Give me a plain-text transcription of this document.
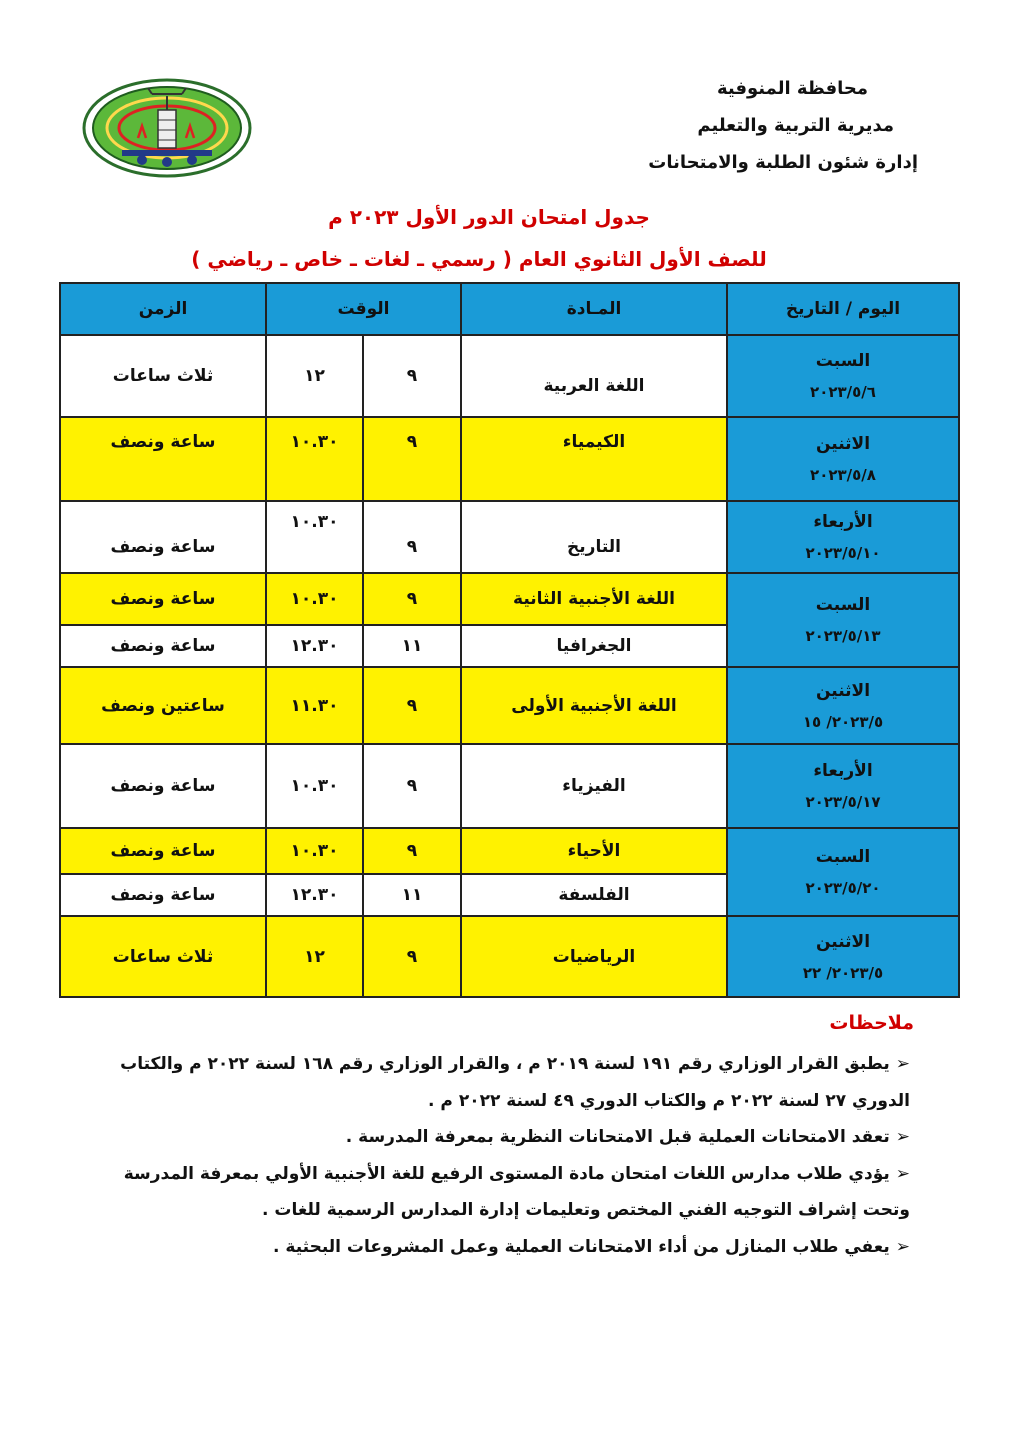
محافظة المنوفية
مديرية التربية والتعليم
إدارة شئون الطلبة والامتحانات
جدول امتحان الدور الأول ٢٠٢٣ م
للصف الأول الثانوي العام ( رسمي ـ لغات ـ خاص ـ رياضي )
اليوم / التاريخ	المـادة	الوقت		الزمن

السبت
٢٠٢٣/٥/٦	اللغة العربية	٩	١٢	ثلاث ساعات

الاثنين
٢٠٢٣/٥/٨	الكيمياء	٩	١٠.٣٠	ساعة ونصف

الأربعاء
٢٠٢٣/٥/١٠	التاريخ	٩	١٠.٣٠	ساعة ونصف

السبت
٢٠٢٣/٥/١٣	اللغة الأجنبية الثانية	٩	١٠.٣٠	ساعة ونصف
	الجغرافيا	١١	١٢.٣٠	ساعة ونصف

الاثنين
٢٠٢٣/٥/ ١٥	اللغة الأجنبية الأولى	٩	١١.٣٠	ساعتين ونصف

الأربعاء
٢٠٢٣/٥/١٧	الفيزياء	٩	١٠.٣٠	ساعة ونصف

السبت
٢٠٢٣/٥/٢٠	الأحياء	٩	١٠.٣٠	ساعة ونصف
	الفلسفة	١١	١٢.٣٠	ساعة ونصف

الاثنين
٢٠٢٣/٥/ ٢٢	الرياضيات	٩	١٢	ثلاث ساعات
ملاحظات

➢يطبق القرار الوزاري رقم ١٩١ لسنة ٢٠١٩ م ، والقرار الوزاري رقم ١٦٨ لسنة ٢٠٢٢ م والكتاب الدوري ٢٧ لسنة ٢٠٢٢ م والكتاب الدوري ٤٩ لسنة ٢٠٢٢ م .

➢تعقد الامتحانات العملية قبل الامتحانات النظرية بمعرفة المدرسة .

➢يؤدي طلاب مدارس اللغات امتحان مادة المستوى الرفيع للغة الأجنبية الأولي بمعرفة المدرسة وتحت إشراف التوجيه الفني المختص وتعليمات إدارة المدارس الرسمية للغات .

➢يعفي طلاب المنازل من أداء الامتحانات العملية وعمل المشروعات البحثية .
